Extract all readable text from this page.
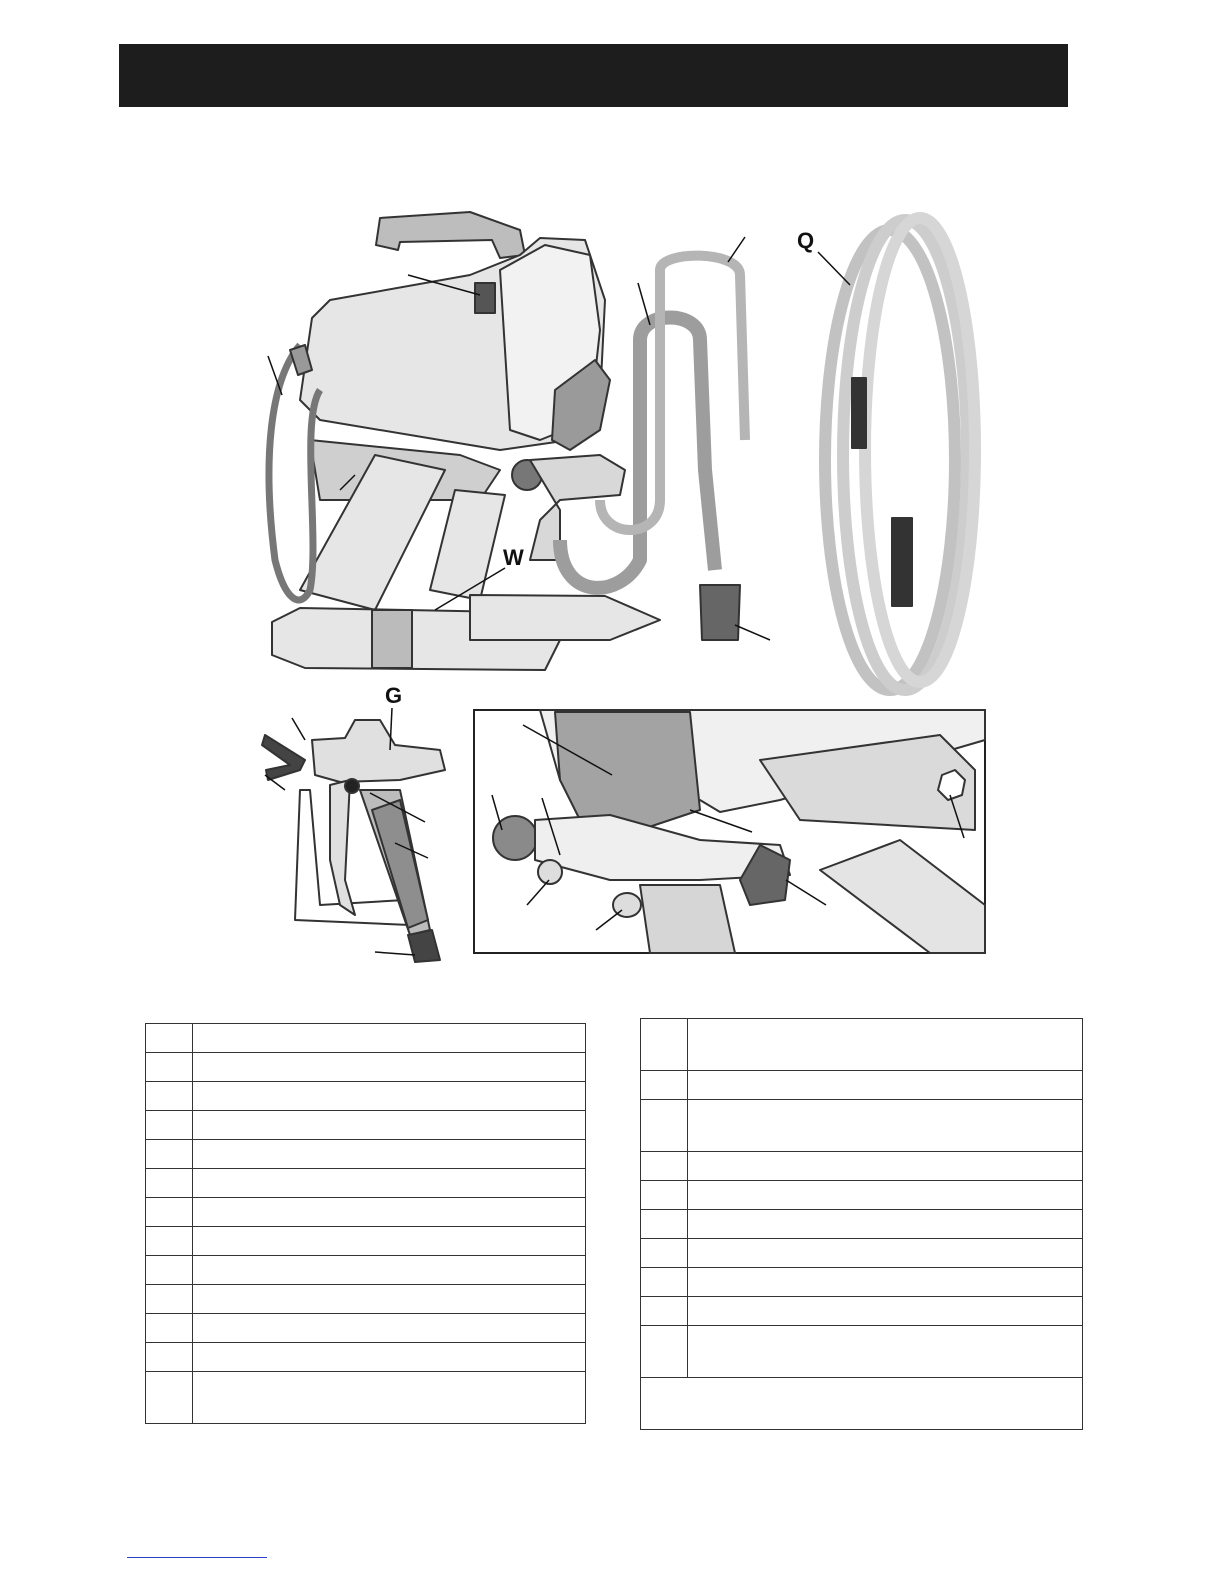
Q
W
G
